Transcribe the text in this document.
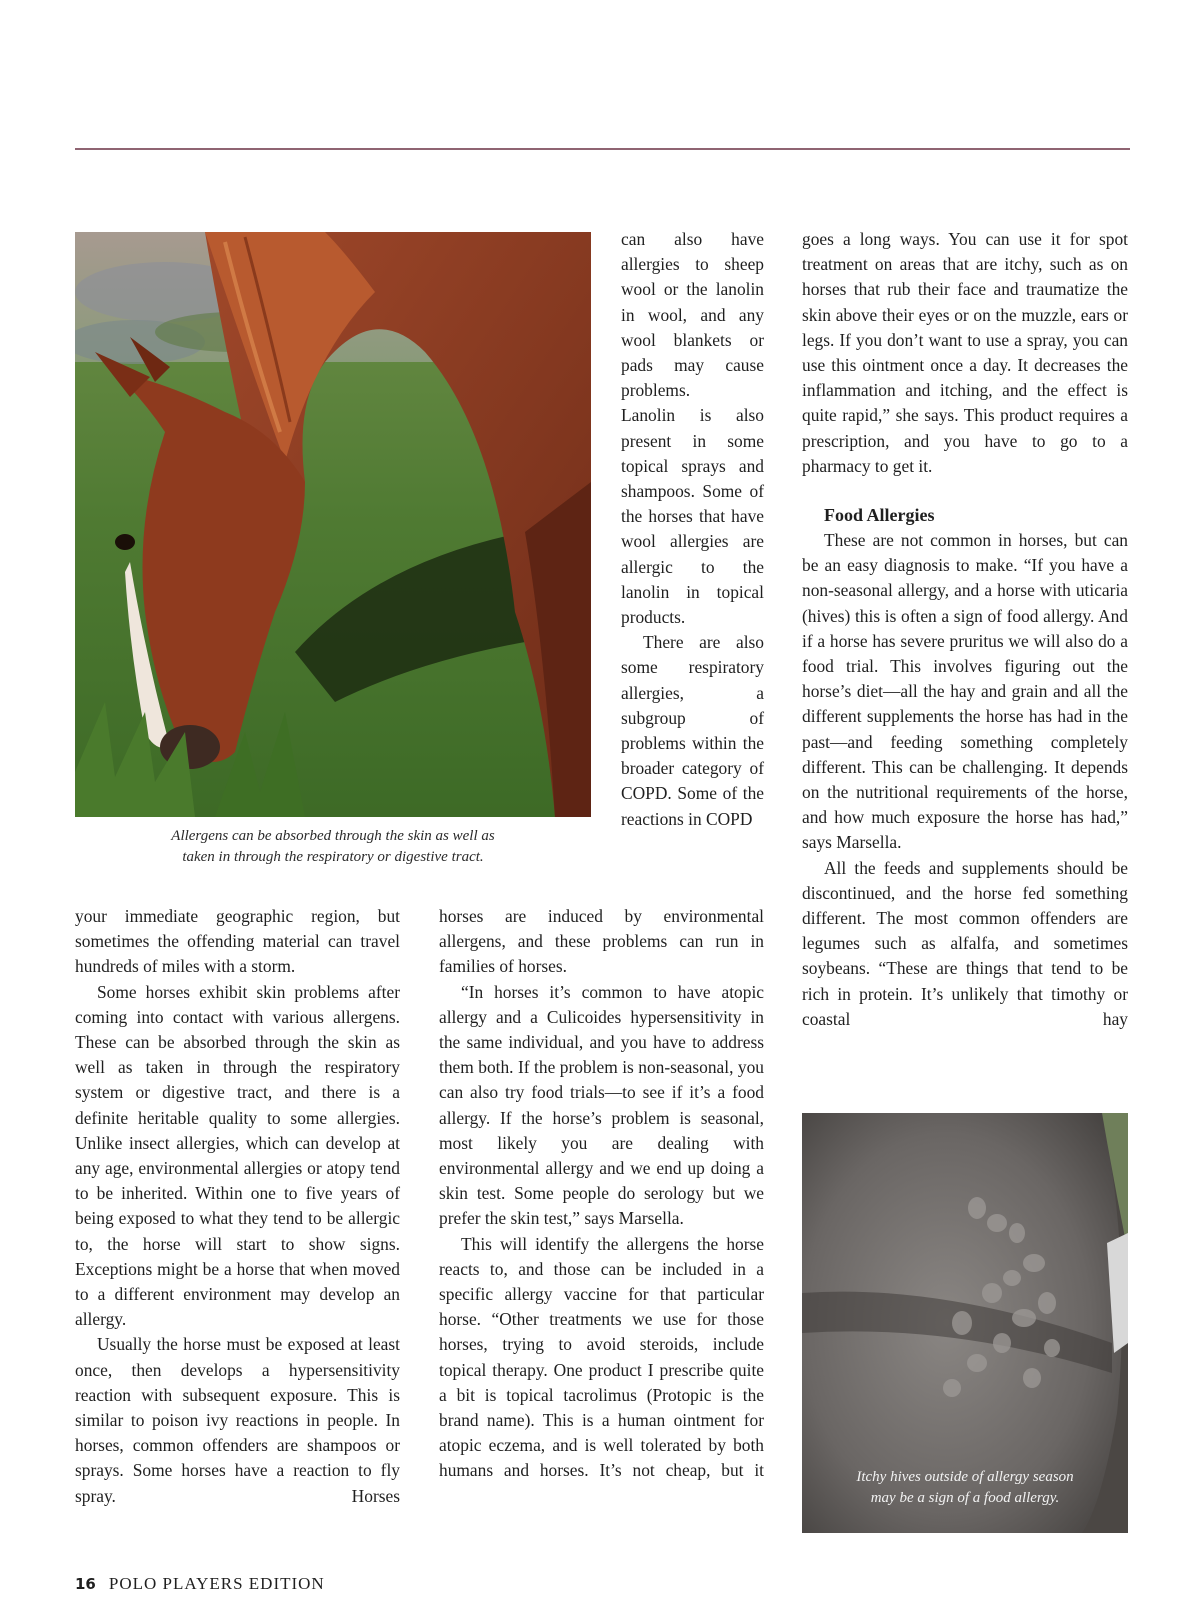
Allergens can be absorbed through the skin as well as
taken in through the respiratory or digestive tract.

can also have allergies to sheep wool or the lanolin in wool, and any wool blankets or pads may cause problems.

Lanolin is also present in some topical sprays and shampoos. Some of the horses that have wool allergies are allergic to the lanolin in topical products.

There are also some respiratory allergies, a subgroup of problems within the broader category of COPD. Some of the reactions in COPD

your immediate geographic region, but sometimes the offending material can travel hundreds of miles with a storm.

Some horses exhibit skin problems after coming into contact with various allergens. These can be absorbed through the skin as well as taken in through the respiratory system or digestive tract, and there is a definite heritable quality to some allergies. Unlike insect allergies, which can develop at any age, environmental allergies or atopy tend to be inherited. Within one to five years of being exposed to what they tend to be allergic to, the horse will start to show signs. Exceptions might be a horse that when moved to a different environment may develop an allergy.

Usually the horse must be exposed at least once, then develops a hypersensitivity reaction with subsequent exposure. This is similar to poison ivy reactions in people. In horses, common offenders are shampoos or sprays. Some horses have a reaction to fly spray. Horses

horses are induced by environmental allergens, and these problems can run in families of horses.

“In horses it’s common to have atopic allergy and a Culicoides hypersensitivity in the same individual, and you have to address them both. If the problem is non-seasonal, you can also try food trials—to see if it’s a food allergy. If the horse’s problem is seasonal, most likely you are dealing with environmental allergy and we end up doing a skin test. Some people do serology but we prefer the skin test,” says Marsella.

This will identify the allergens the horse reacts to, and those can be included in a specific allergy vaccine for that particular horse. “Other treatments we use for those horses, trying to avoid steroids, include topical therapy. One product I prescribe quite a bit is topical tacrolimus (Protopic is the brand name). This is a human ointment for atopic eczema, and is well tolerated by both humans and horses. It’s not cheap, but it

goes a long ways. You can use it for spot treatment on areas that are itchy, such as on horses that rub their face and traumatize the skin above their eyes or on the muzzle, ears or legs. If you don’t want to use a spray, you can use this ointment once a day. It decreases the inflammation and itching, and the effect is quite rapid,” she says. This product requires a prescription, and you have to go to a pharmacy to get it.

Food Allergies

These are not common in horses, but can be an easy diagnosis to make. “If you have a non-seasonal allergy, and a horse with uticaria (hives) this is often a sign of food allergy. And if a horse has severe pruritus we will also do a food trial. This involves figuring out the horse’s diet—all the hay and grain and all the different supplements the horse has had in the past—and feeding something completely different. This can be challenging. It depends on the nutritional requirements of the horse, and how much exposure the horse has had,” says Marsella.

All the feeds and supplements should be discontinued, and the horse fed something different. The most common offenders are legumes such as alfalfa, and sometimes soybeans. “These are things that tend to be rich in protein. It’s unlikely that timothy or coastal hay

Itchy hives outside of allergy season
may be a sign of a food allergy.
16 POLO PLAYERS EDITION
